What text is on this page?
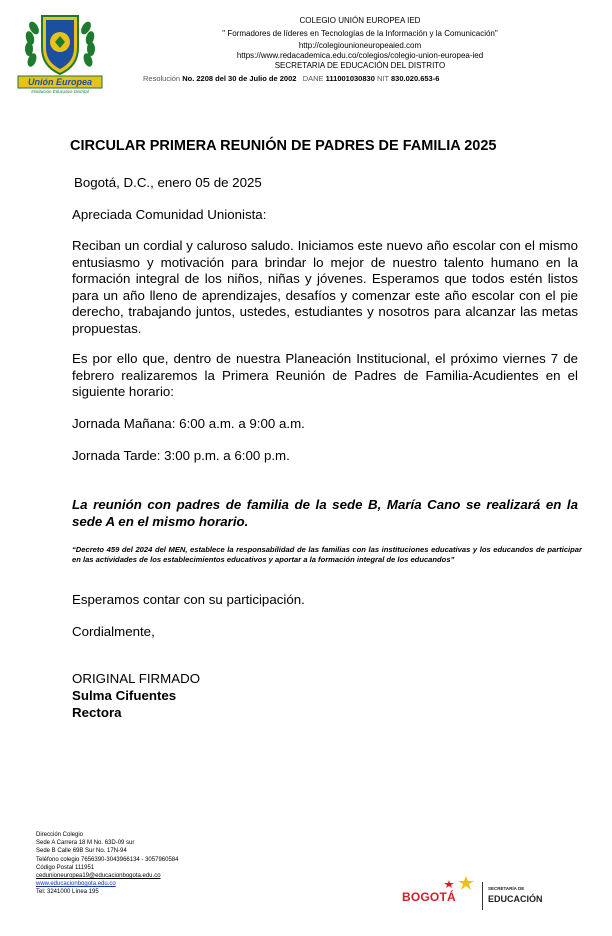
Unión Europea
Institución Educativa Distrital
COLEGIO UNIÓN EUROPEA IED
" Formadores de líderes en Tecnologías de la Información y la Comunicación"
http://colegiounioneuropeaied.com
https://www.redacademica.edu.co/colegios/colegio-union-europea-ied
SECRETARIA DE EDUCACIÓN DEL DISTRITO
Resolución No. 2208 del 30 de Julio de 2002 DANE 111001030830 NIT 830.020.653-6
CIRCULAR PRIMERA REUNIÓN DE PADRES DE FAMILIA 2025
Bogotá, D.C., enero 05 de 2025
Apreciada Comunidad Unionista:
Reciban un cordial y caluroso saludo. Iniciamos este nuevo año escolar con el mismo entusiasmo y motivación para brindar lo mejor de nuestro talento humano en la formación integral de los niños, niñas y jóvenes. Esperamos que todos estén listos para un año lleno de aprendizajes, desafíos y comenzar este año escolar con el pie derecho, trabajando juntos, ustedes, estudiantes y nosotros para alcanzar las metas propuestas.
Es por ello que, dentro de nuestra Planeación Institucional, el próximo viernes 7 de febrero realizaremos la Primera Reunión de Padres de Familia-Acudientes en el siguiente horario:
Jornada Mañana: 6:00 a.m. a 9:00 a.m.
Jornada Tarde: 3:00 p.m. a 6:00 p.m.
La reunión con padres de familia de la sede B, María Cano se realizará en la sede A en el mismo horario.
“Decreto 459 del 2024 del MEN, establece la responsabilidad de las familias con las instituciones educativas y los educandos de participar en las actividades de los establecimientos educativos y aportar a la formación integral de los educandos”
Esperamos contar con su participación.
Cordialmente,
ORIGINAL FIRMADO
Sulma Cifuentes
Rectora
Dirección Colegio
Sede A Carrera 18 M No. 63D-09 sur
Sede B Calle 69B Sur No. 17N-94
Teléfono colegio 7656390-3043966134 - 3057960584
Código Postal 111951
cedunioneuropea19@educacionbogota.edu.co
www.educacionbogota.edu.co
Tel: 3241000 Línea 195	BOGOTÁ
SECRETARÍA DE
EDUCACIÓN
